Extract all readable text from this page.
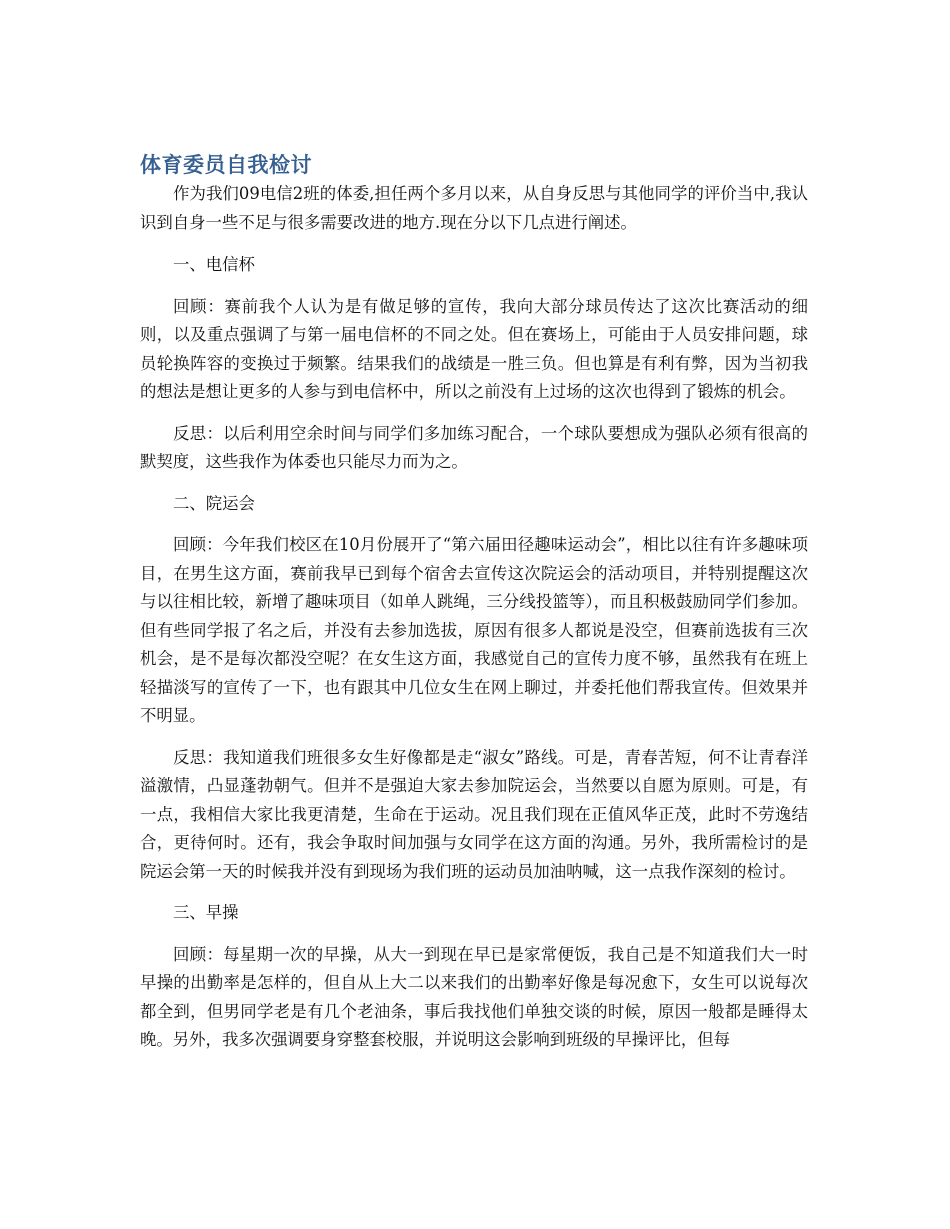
体育委员自我检讨

作为我们09电信2班的体委,担任两个多月以来，从自身反思与其他同学的评价当中,我认识到自身一些不足与很多需要改进的地方.现在分以下几点进行阐述。

一、电信杯

回顾：赛前我个人认为是有做足够的宣传，我向大部分球员传达了这次比赛活动的细则，以及重点强调了与第一届电信杯的不同之处。但在赛场上，可能由于人员安排问题，球员轮换阵容的变换过于频繁。结果我们的战绩是一胜三负。但也算是有利有弊，因为当初我的想法是想让更多的人参与到电信杯中，所以之前没有上过场的这次也得到了锻炼的机会。

反思：以后利用空余时间与同学们多加练习配合，一个球队要想成为强队必须有很高的默契度，这些我作为体委也只能尽力而为之。

二、院运会

回顾：今年我们校区在10月份展开了“第六届田径趣味运动会”，相比以往有许多趣味项目，在男生这方面，赛前我早已到每个宿舍去宣传这次院运会的活动项目，并特别提醒这次与以往相比较，新增了趣味项目（如单人跳绳，三分线投篮等），而且积极鼓励同学们参加。但有些同学报了名之后，并没有去参加选拔，原因有很多人都说是没空，但赛前选拔有三次机会，是不是每次都没空呢？在女生这方面，我感觉自己的宣传力度不够，虽然我有在班上轻描淡写的宣传了一下，也有跟其中几位女生在网上聊过，并委托他们帮我宣传。但效果并不明显。

反思：我知道我们班很多女生好像都是走“淑女”路线。可是，青春苦短，何不让青春洋溢激情，凸显蓬勃朝气。但并不是强迫大家去参加院运会，当然要以自愿为原则。可是，有一点，我相信大家比我更清楚，生命在于运动。况且我们现在正值风华正茂，此时不劳逸结合，更待何时。还有，我会争取时间加强与女同学在这方面的沟通。另外，我所需检讨的是院运会第一天的时候我并没有到现场为我们班的运动员加油呐喊，这一点我作深刻的检讨。

三、早操

回顾：每星期一次的早操，从大一到现在早已是家常便饭，我自己是不知道我们大一时早操的出勤率是怎样的，但自从上大二以来我们的出勤率好像是每况愈下，女生可以说每次都全到，但男同学老是有几个老油条，事后我找他们单独交谈的时候，原因一般都是睡得太晚。另外，我多次强调要身穿整套校服，并说明这会影响到班级的早操评比，但每
